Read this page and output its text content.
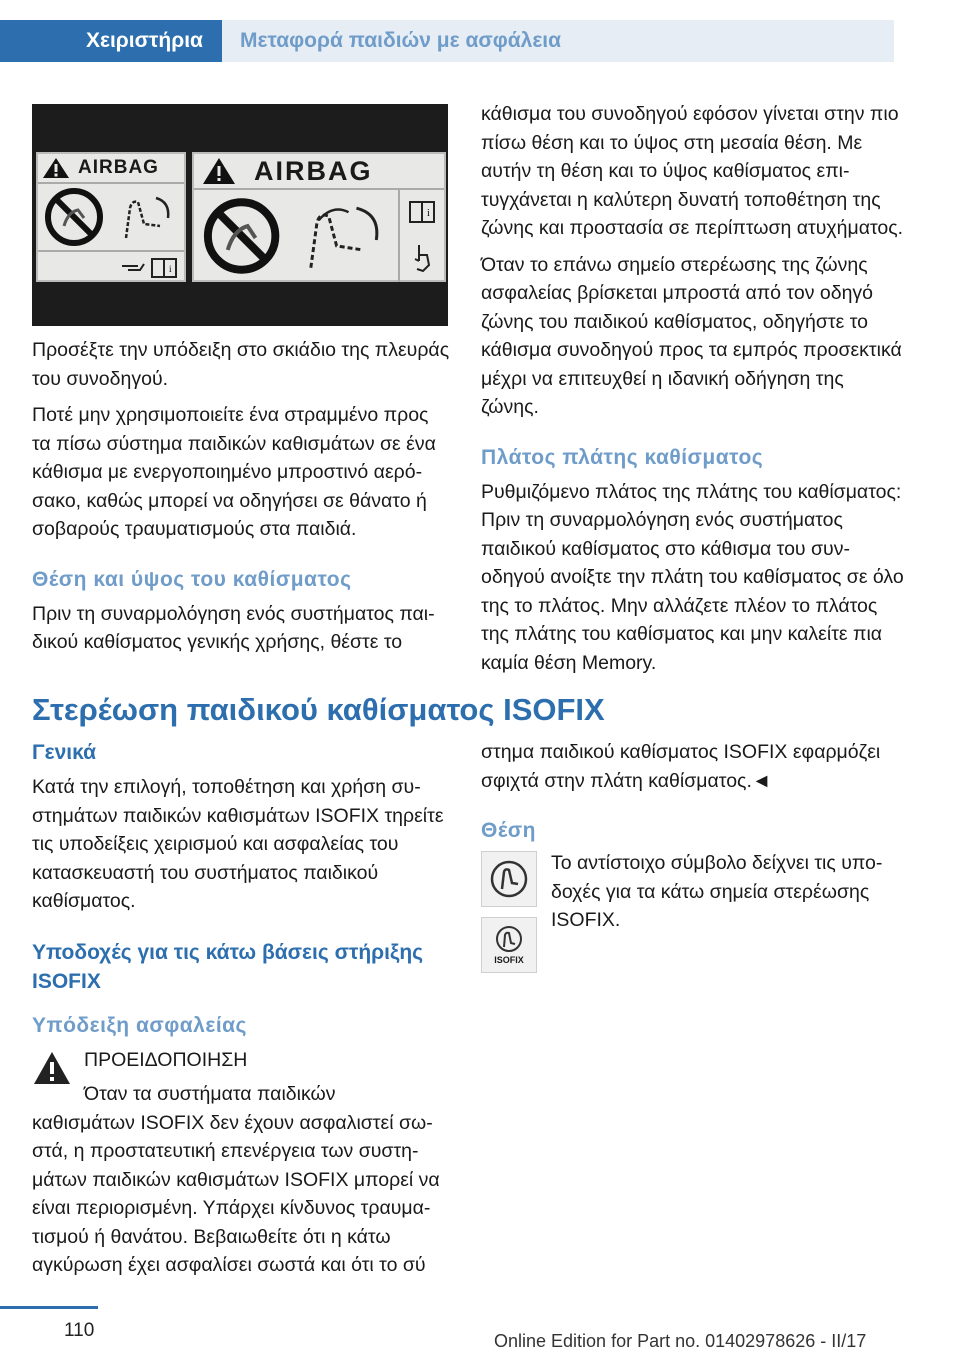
Χειριστήρια	Μεταφορά παιδιών με ασφάλεια
AIRBAG
i
AIRBAG
i

Προσέξτε την υπόδειξη στο σκιάδιο της πλευράς του συνοδηγού.

Ποτέ μην χρησιμοποιείτε ένα στραμμένο προς τα πίσω σύστημα παιδικών καθισμάτων σε ένα κάθισμα με ενεργοποιημένο μπροστινό αερόσακο, καθώς μπορεί να οδηγήσει σε θάνατο ή σοβαρούς τραυματισμούς στα παιδιά.

Θέση και ύψος του καθίσματος

Πριν τη συναρμολόγηση ενός συστήματος παιδικού καθίσματος γενικής χρήσης, θέστε το

κάθισμα του συνοδηγού εφόσον γίνεται στην πιο πίσω θέση και το ύψος στη μεσαία θέση. Με αυτήν τη θέση και το ύψος καθίσματος επιτυγχάνεται η καλύτερη δυνατή τοποθέτηση της ζώνης και προστασία σε περίπτωση ατυχήματος.

Όταν το επάνω σημείο στερέωσης της ζώνης ασφαλείας βρίσκεται μπροστά από τον οδηγό ζώνης του παιδικού καθίσματος, οδηγήστε το κάθισμα συνοδηγού προς τα εμπρός προσεκτικά μέχρι να επιτευχθεί η ιδανική οδήγηση της ζώνης.

Πλάτος πλάτης καθίσματος

Ρυθμιζόμενο πλάτος της πλάτης του καθίσματος: Πριν τη συναρμολόγηση ενός συστήματος παιδικού καθίσματος στο κάθισμα του συνοδηγού ανοίξτε την πλάτη του καθίσματος σε όλο της το πλάτος. Μην αλλάζετε πλέον το πλάτος της πλάτης του καθίσματος και μην καλείτε πια καμία θέση Memory.

Στερέωση παιδικού καθίσματος ISOFIX
Γενικά

Κατά την επιλογή, τοποθέτηση και χρήση συστημάτων παιδικών καθισμάτων ISOFIX τηρείτε τις υποδείξεις χειρισμού και ασφαλείας του κατασκευαστή του συστήματος παιδικού καθίσματος.

Υποδοχές για τις κάτω βάσεις στήριξης ISOFIX
Υπόδειξη ασφαλείας
ΠΡΟΕΙΔΟΠΟΙΗΣΗ
Όταν τα συστήματα παιδικών

καθισμάτων ISOFIX δεν έχουν ασφαλιστεί σωστά, η προστατευτική επενέργεια των συστημάτων παιδικών καθισμάτων ISOFIX μπορεί να είναι περιορισμένη. Υπάρχει κίνδυνος τραυματισμού ή θανάτου. Βεβαιωθείτε ότι η κάτω αγκύρωση έχει ασφαλίσει σωστά και ότι το σύ

στημα παιδικού καθίσματος ISOFIX εφαρμόζει σφιχτά στην πλάτη καθίσματος.◄

Θέση
ISOFIX

Το αντίστοιχο σύμβολο δείχνει τις υποδοχές για τα κάτω σημεία στερέωσης ISOFIX.

110	Online Edition for Part no. 01402978626 - II/17
